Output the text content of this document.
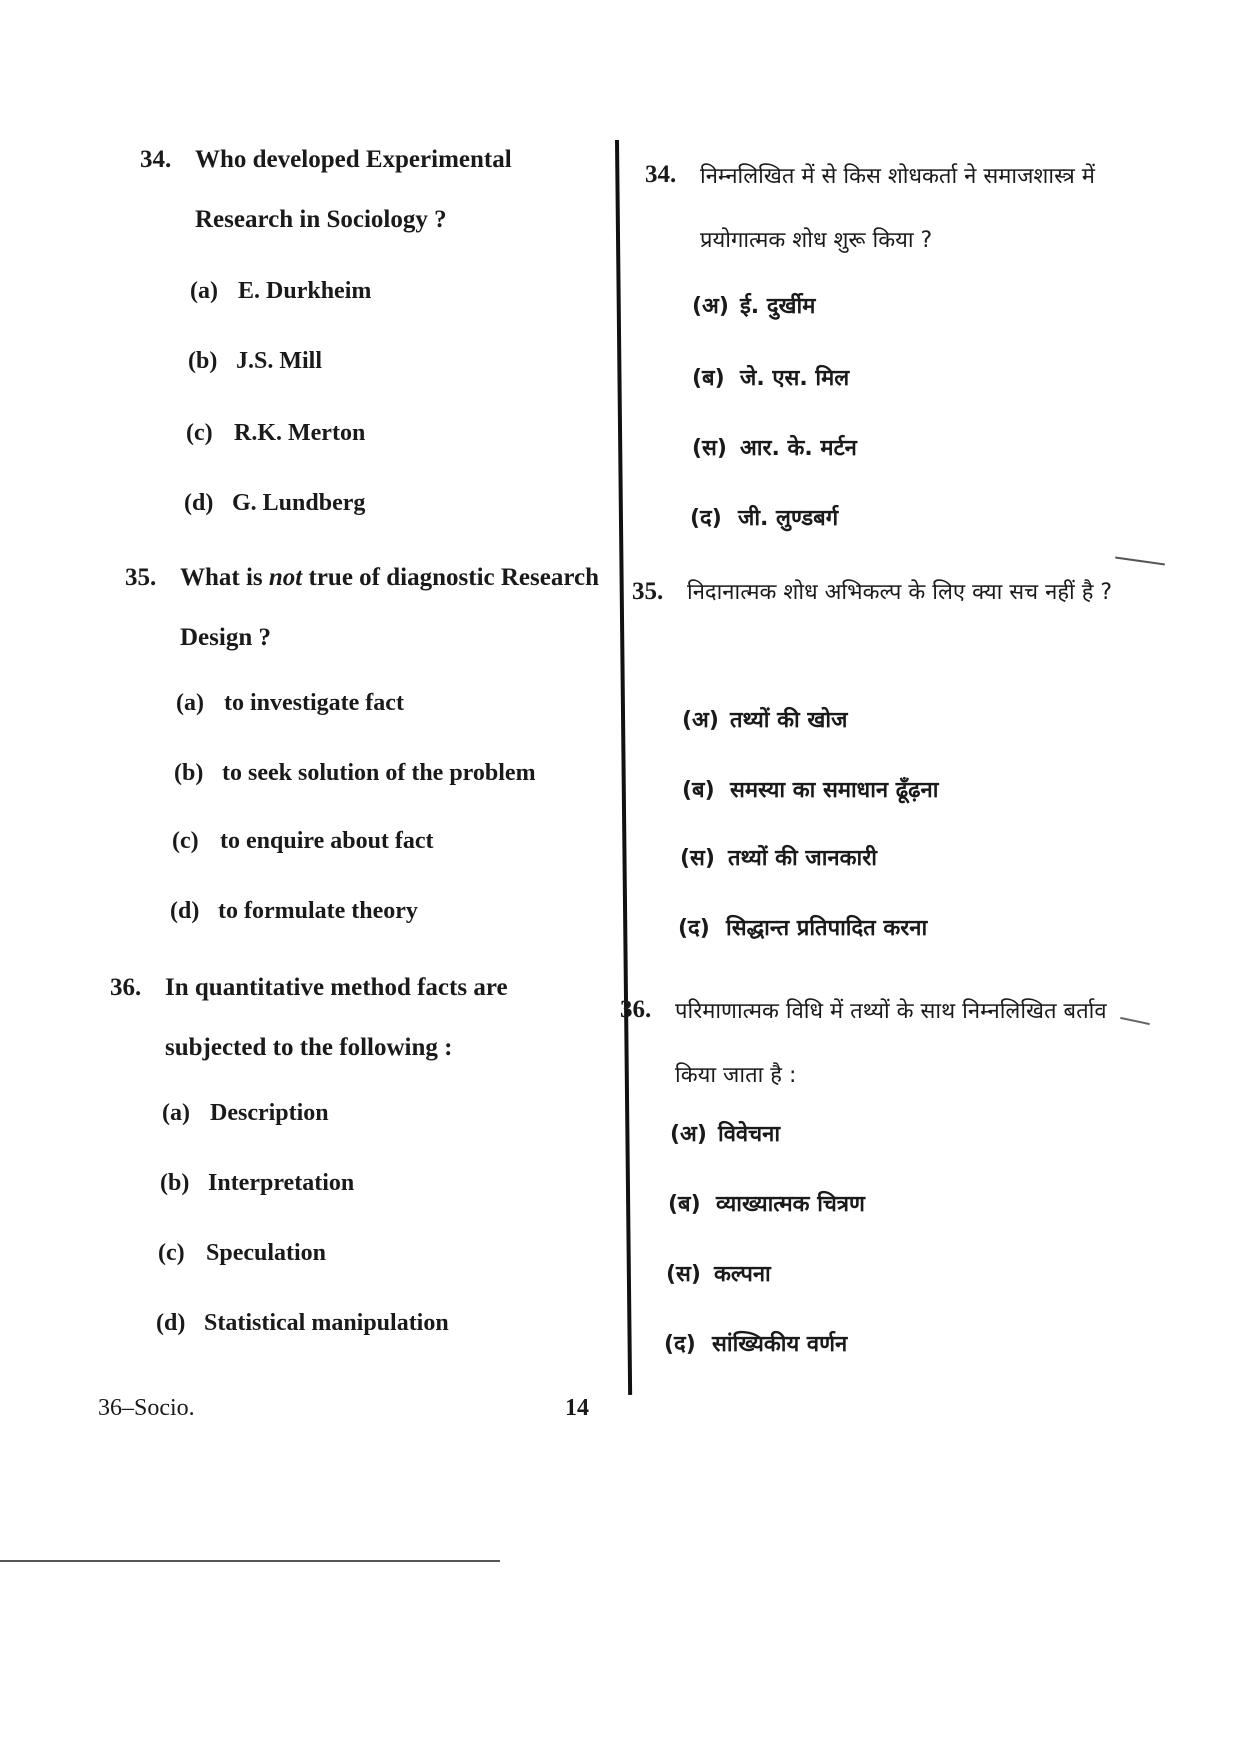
34. Who developed Experimental Research in Sociology ?
(a) E. Durkheim
(b) J.S. Mill
(c) R.K. Merton
(d) G. Lundberg
35. What is not true of diagnostic Research Design ?
(a) to investigate fact
(b) to seek solution of the problem
(c) to enquire about fact
(d) to formulate theory
36. In quantitative method facts are subjected to the following :
(a) Description
(b) Interpretation
(c) Speculation
(d) Statistical manipulation
34. निम्नलिखित में से किस शोधकर्ता ने समाजशास्त्र में प्रयोगात्मक शोध शुरू किया ?
(अ) ई. दुर्खीम
(ब) जे. एस. मिल
(स) आर. के. मर्टन
(द) जी. लुण्डबर्ग
35. निदानात्मक शोध अभिकल्प के लिए क्या सच नहीं है ?
(अ) तथ्यों की खोज
(ब) समस्या का समाधान ढूँढ़ना
(स) तथ्यों की जानकारी
(द) सिद्धान्त प्रतिपादित करना
36. परिमाणात्मक विधि में तथ्यों के साथ निम्नलिखित बर्ताव किया जाता है :
(अ) विवेचना
(ब) व्याख्यात्मक चित्रण
(स) कल्पना
(द) सांख्यिकीय वर्णन
36–Socio.	14
